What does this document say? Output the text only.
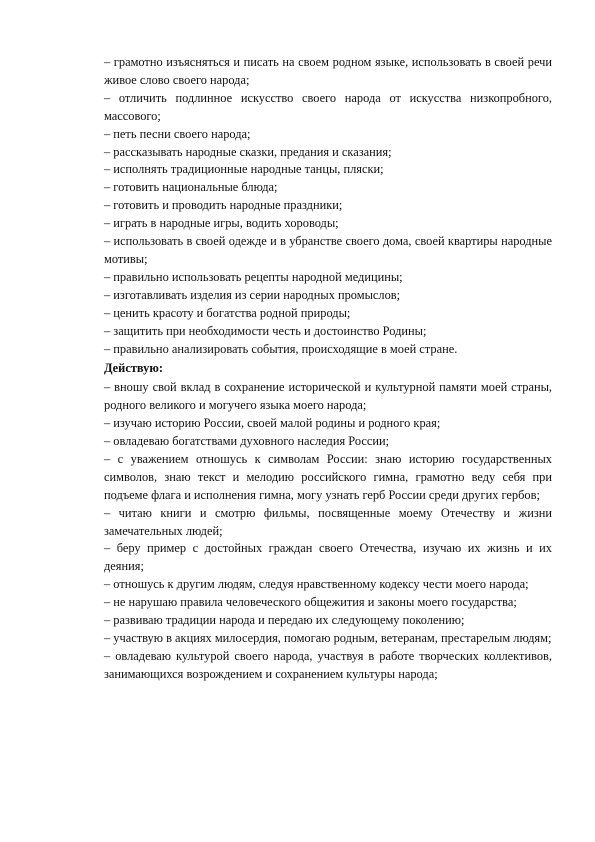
– грамотно изъясняться и писать на своем родном языке, использовать в своей речи живое слово своего народа;

– отличить подлинное искусство своего народа от искусства низкопробного, массового;

– петь песни своего народа;

– рассказывать народные сказки, предания и сказания;

– исполнять традиционные народные танцы, пляски;

– готовить национальные блюда;

– готовить и проводить народные праздники;

– играть в народные игры, водить хороводы;

– использовать в своей одежде и в убранстве своего дома, своей квартиры народные мотивы;

– правильно использовать рецепты народной медицины;

– изготавливать изделия из серии народных промыслов;

– ценить красоту и богатства родной природы;

– защитить при необходимости честь и достоинство Родины;

– правильно анализировать события, происходящие в моей стране.

Действую:

– вношу свой вклад в сохранение исторической и культурной памяти моей страны, родного великого и могучего языка моего народа;

– изучаю историю России, своей малой родины и родного края;

– овладеваю богатствами духовного наследия России;

– с уважением отношусь к символам России: знаю историю государственных символов, знаю текст и мелодию российского гимна, грамотно веду себя при подъеме флага и исполнения гимна, могу узнать герб России среди других гербов;

– читаю книги и смотрю фильмы, посвященные моему Отечеству и жизни замечательных людей;

– беру пример с достойных граждан своего Отечества, изучаю их жизнь и их деяния;

– отношусь к другим людям, следуя нравственному кодексу чести моего народа;

– не нарушаю правила человеческого общежития и законы моего государства;

– развиваю традиции народа и передаю их следующему поколению;

– участвую в акциях милосердия, помогаю родным, ветеранам, престарелым людям;

– овладеваю культурой своего народа, участвуя в работе творческих коллективов, занимающихся возрождением и сохранением культуры народа;
